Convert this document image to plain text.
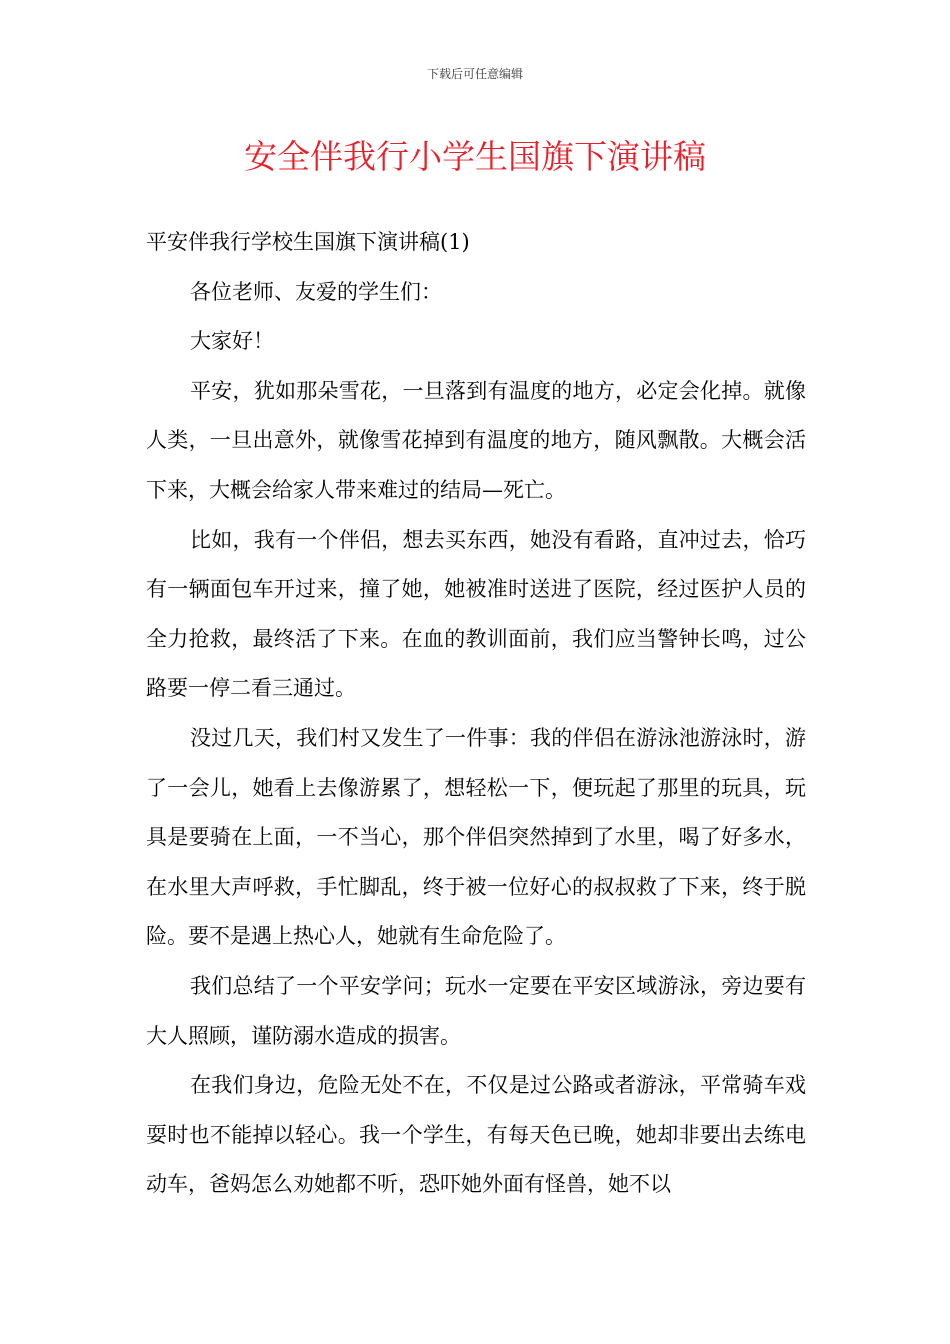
下载后可任意编辑
安全伴我行小学生国旗下演讲稿

平安伴我行学校生国旗下演讲稿(1)

各位老师、友爱的学生们：

大家好！

平安，犹如那朵雪花，一旦落到有温度的地方，必定会化掉。就像人类，一旦出意外，就像雪花掉到有温度的地方，随风飘散。大概会活下来，大概会给家人带来难过的结局—死亡。

比如，我有一个伴侣，想去买东西，她没有看路，直冲过去，恰巧有一辆面包车开过来，撞了她，她被准时送进了医院，经过医护人员的全力抢救，最终活了下来。在血的教训面前，我们应当警钟长鸣，过公路要一停二看三通过。

没过几天，我们村又发生了一件事：我的伴侣在游泳池游泳时，游了一会儿，她看上去像游累了，想轻松一下，便玩起了那里的玩具，玩具是要骑在上面，一不当心，那个伴侣突然掉到了水里，喝了好多水，在水里大声呼救，手忙脚乱，终于被一位好心的叔叔救了下来，终于脱险。要不是遇上热心人，她就有生命危险了。

我们总结了一个平安学问；玩水一定要在平安区域游泳，旁边要有大人照顾，谨防溺水造成的损害。

在我们身边，危险无处不在，不仅是过公路或者游泳，平常骑车戏耍时也不能掉以轻心。我一个学生，有每天色已晚，她却非要出去练电动车，爸妈怎么劝她都不听，恐吓她外面有怪兽，她不以
